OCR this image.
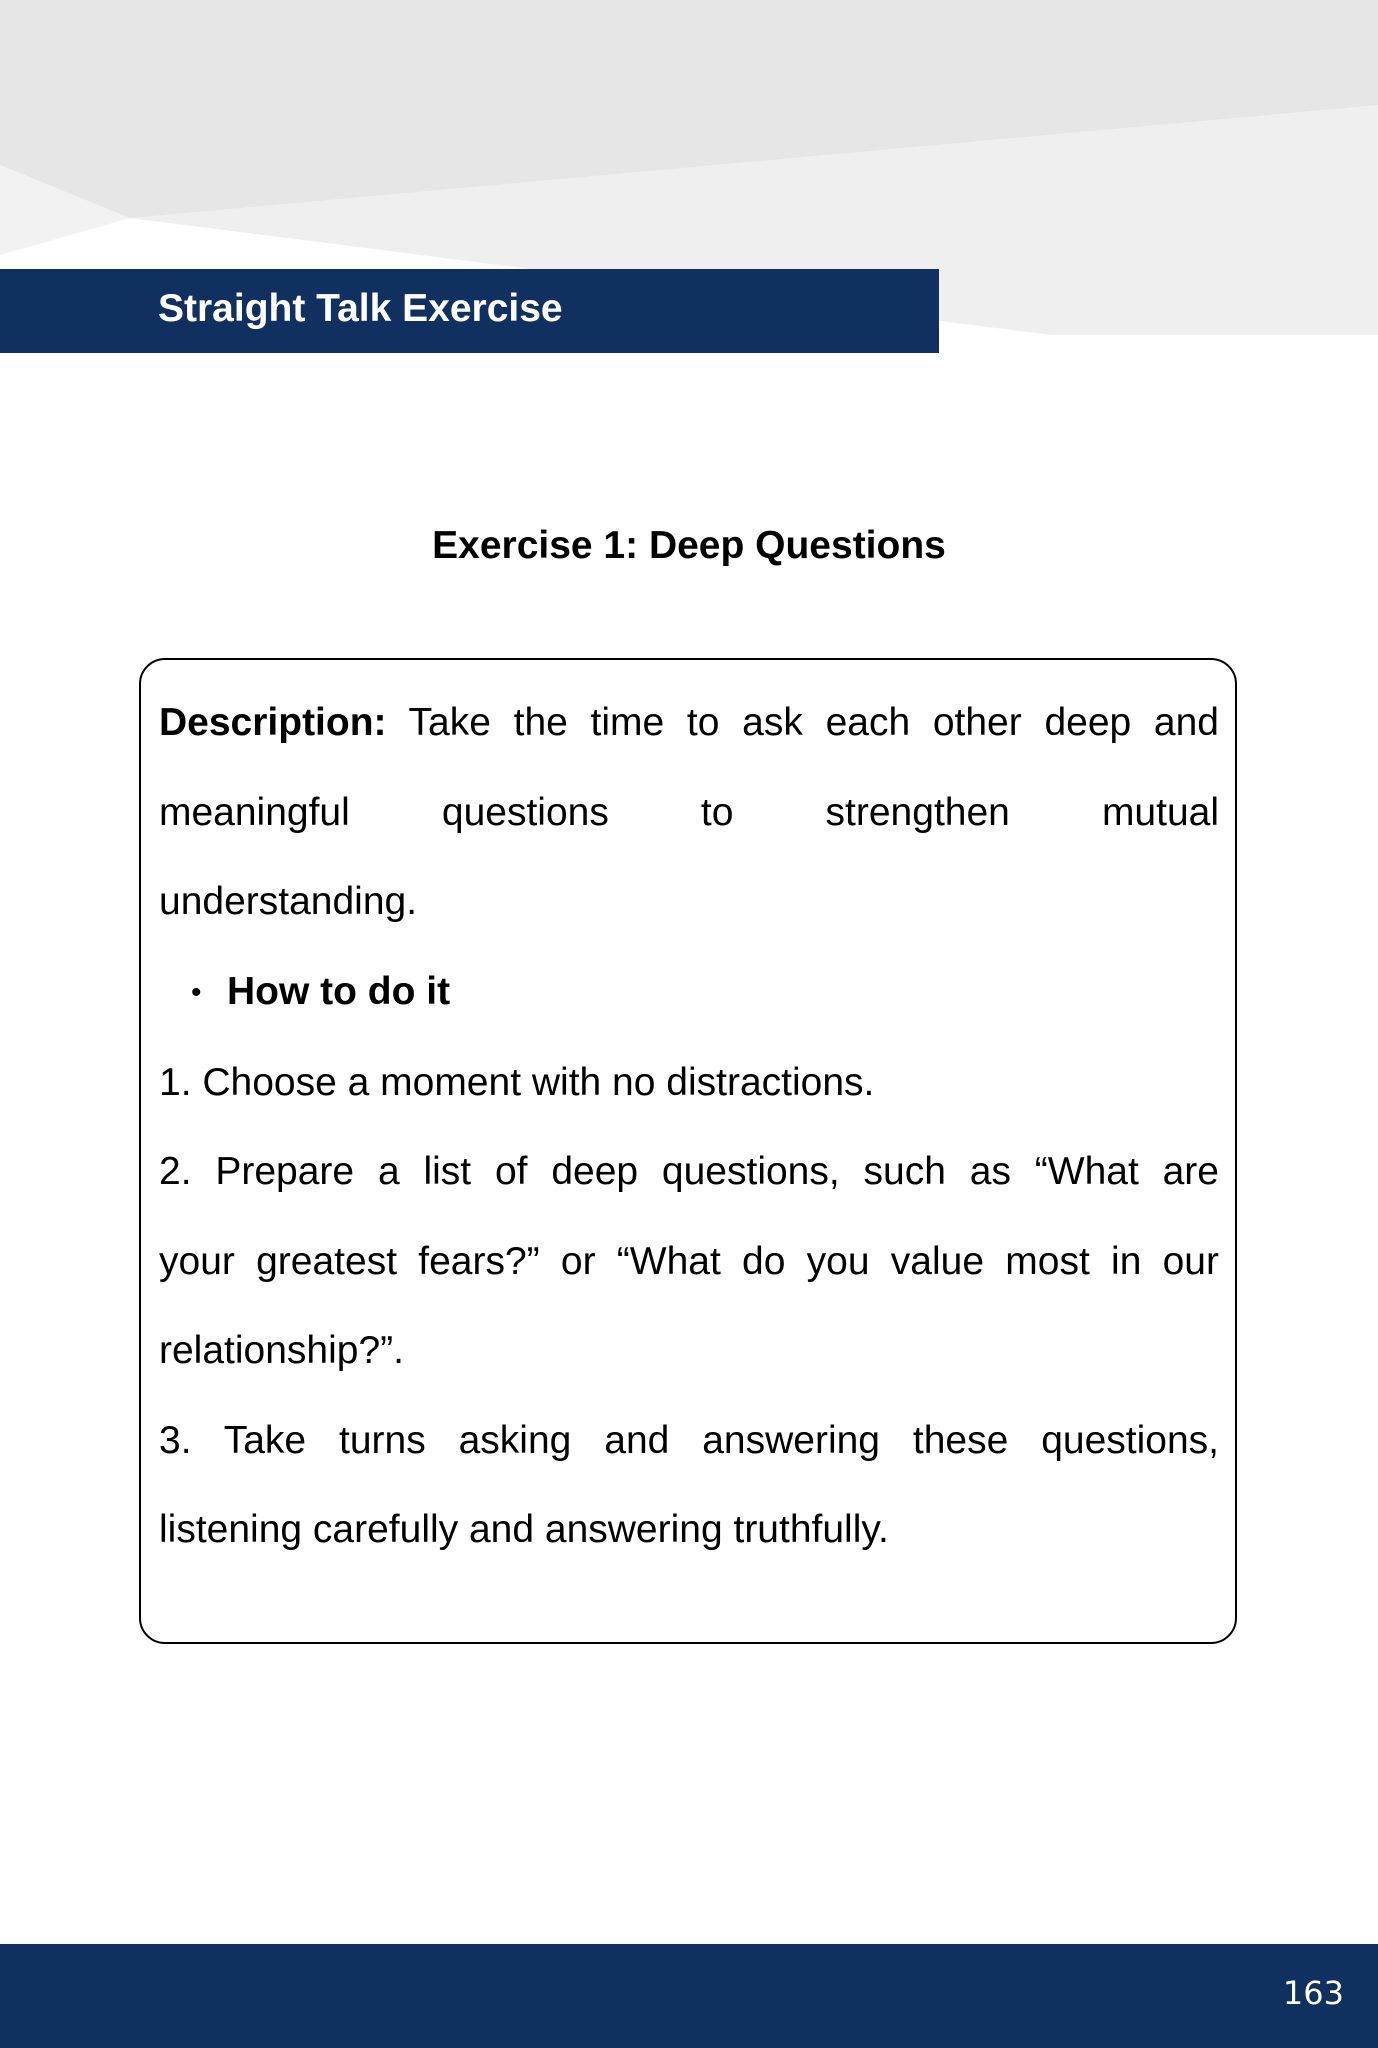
Straight Talk Exercise
Exercise 1: Deep Questions

Description: Take the time to ask each other deep and

meaningful questions to strengthen mutual

understanding.

• How to do it

1. Choose a moment with no distractions.

2. Prepare a list of deep questions, such as “What are

your greatest fears?” or “What do you value most in our

relationship?”.

3. Take turns asking and answering these questions,

listening carefully and answering truthfully.

163
